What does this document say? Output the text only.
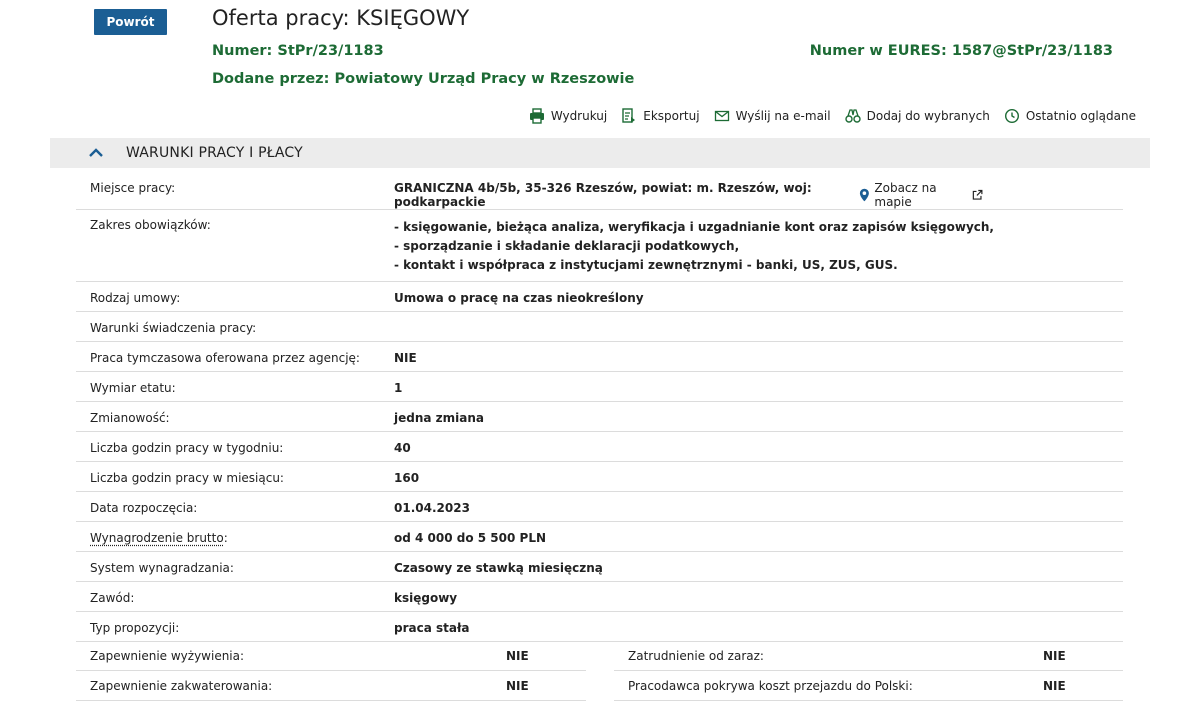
Powrót	Oferta pracy: KSIĘGOWY
Numer: StPr/23/1183	Numer w EURES: 1587@StPr/23/1183
Dodane przez: Powiatowy Urząd Pracy w Rzeszowie
Wydrukuj	Eksportuj	Wyślij na e-mail	Dodaj do wybranych	Ostatnio oglądane
WARUNKI PRACY I PŁACY
Miejsce pracy:	GRANICZNA 4b/5b, 35-326 Rzeszów, powiat: m. Rzeszów, woj: podkarpackie
Zobacz na mapie
Zakres obowiązków:	- księgowanie, bieżąca analiza, weryfikacja i uzgadnianie kont oraz zapisów księgowych,
- sporządzanie i składanie deklaracji podatkowych,
- kontakt i współpraca z instytucjami zewnętrznymi - banki, US, ZUS, GUS.
Rodzaj umowy:	Umowa o pracę na czas nieokreślony
Warunki świadczenia pracy:
Praca tymczasowa oferowana przez agencję:	NIE
Wymiar etatu:	1
Zmianowość:	jedna zmiana
Liczba godzin pracy w tygodniu:	40
Liczba godzin pracy w miesiącu:	160
Data rozpoczęcia:	01.04.2023
Wynagrodzenie brutto:	od 4 000 do 5 500 PLN
System wynagradzania:	Czasowy ze stawką miesięczną
Zawód:	księgowy
Typ propozycji:	praca stała
Zapewnienie wyżywienia:	NIE	Zatrudnienie od zaraz:	NIE
Zapewnienie zakwaterowania:	NIE	Pracodawca pokrywa koszt przejazdu do Polski:	NIE
